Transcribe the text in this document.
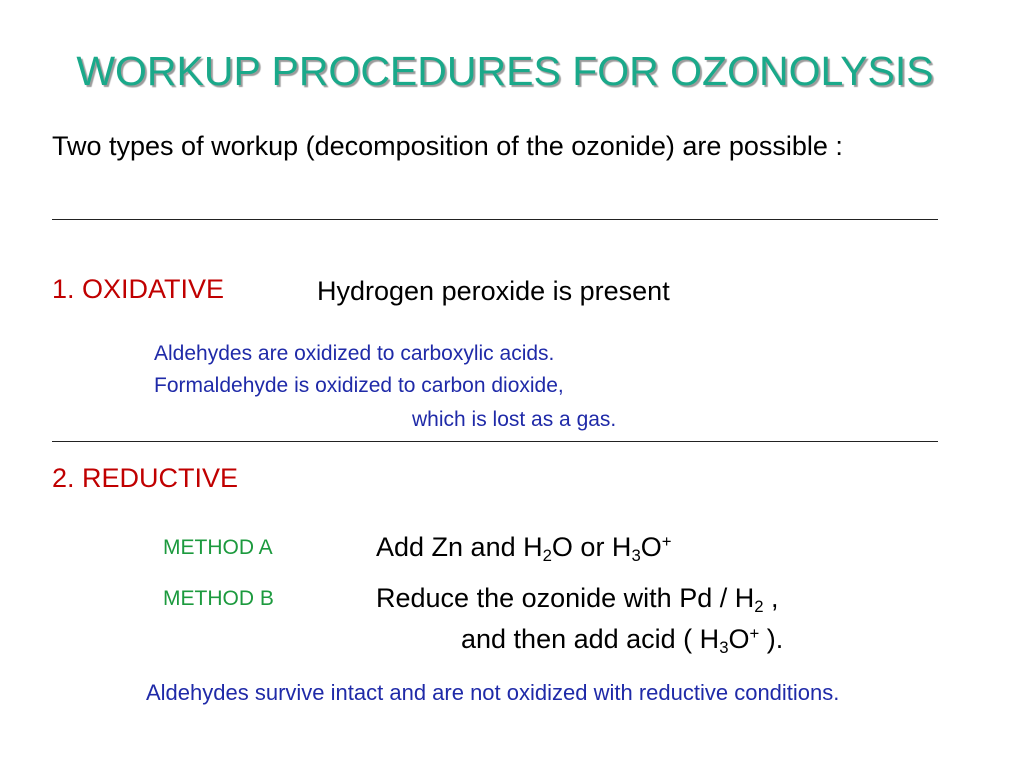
WORKUP PROCEDURES FOR OZONOLYSIS
Two types of workup (decomposition of the ozonide) are possible :
1. OXIDATIVE	Hydrogen peroxide is present
Aldehydes are oxidized to carboxylic acids.
Formaldehyde is oxidized to carbon dioxide,
which is lost as a gas.
2. REDUCTIVE
METHOD A	Add Zn and $H_2O$ or $H_3O^+$
METHOD B	Reduce the ozonide with Pd / $H_2$ ,
and then add acid ( $H_3O^+$ ).
Aldehydes survive intact and are not oxidized with reductive conditions.
